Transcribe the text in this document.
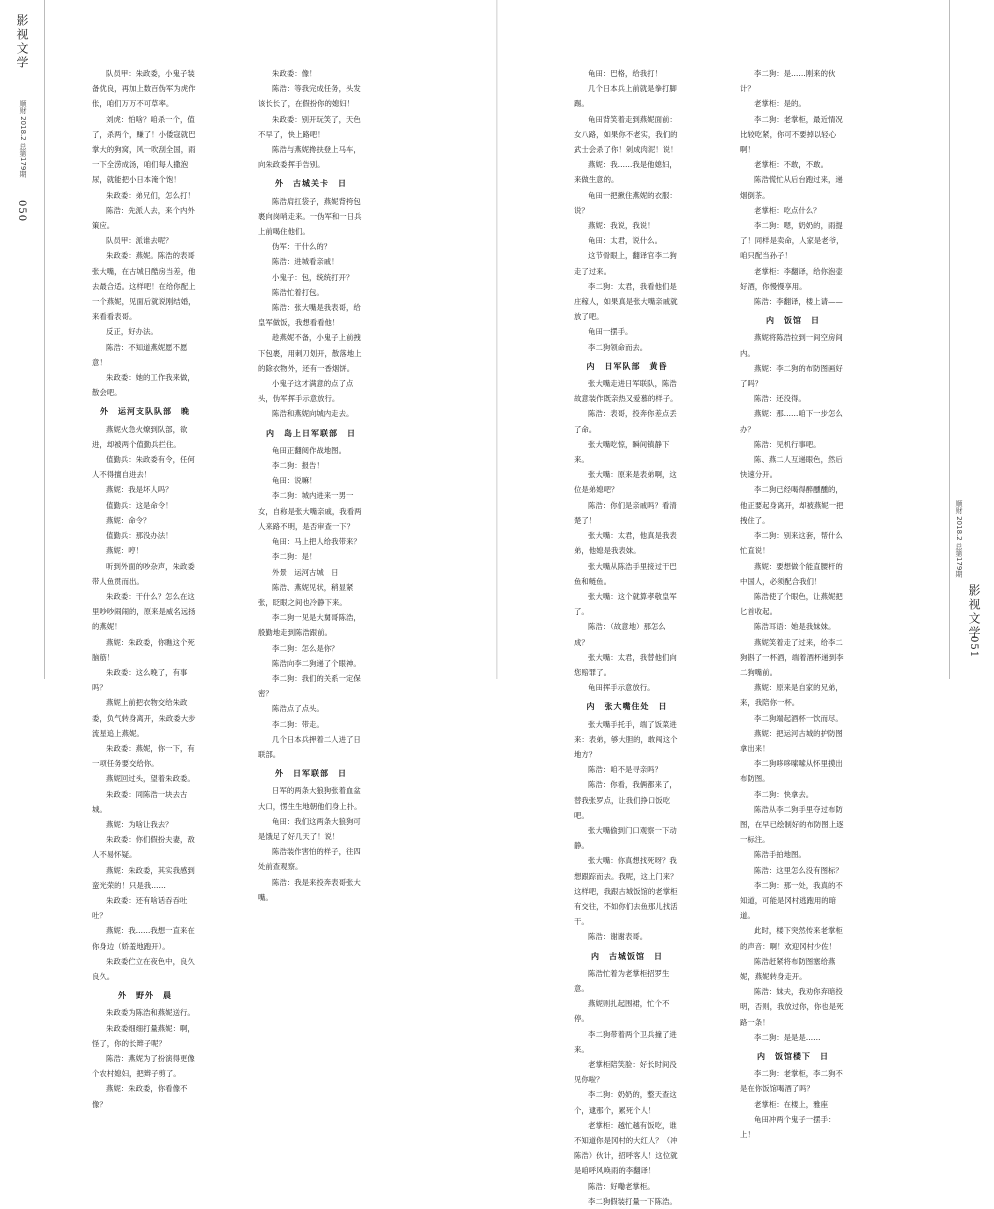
影视文学
顺财 2018.2 总第179期
050

队员甲：朱政委，小鬼子装备优良，再加上数百伪军为虎作伥，咱们万万不可草率。

刘虎：怕啥？咱杀一个，值了，杀两个，赚了！小倭寇就巴掌大的狗窝，风一吹刮全国，雨一下全涝成汤，咱们每人撒泡尿，就能把小日本淹个饱！

朱政委：弟兄们，怎么打！

陈浩：先派人去，来个内外策应。

队员甲：派谁去呢？

朱政委：燕妮。陈浩的表哥张大嘴，在古城日酷房当差，他去最合适。这样吧！在给你配上一个燕妮，见面后就说刚结婚，来看看表哥。

反正，好办法。

陈浩：不知道燕妮愿不愿意！

朱政委：她的工作我来做，散会吧。

外　运河支队队部　晚

燕妮火急火燎到队部，欲进，却被两个值勤兵拦住。

值勤兵：朱政委有令，任何人不得擅自进去！

燕妮：我是坏人吗？

值勤兵：这是命令！

燕妮：命令？

值勤兵：那没办法！

燕妮：哼！

听到外面的吵杂声，朱政委带人鱼贯而出。

朱政委：干什么？怎么在这里吵吵闹闹的，原来是威名远扬的燕妮！

燕妮：朱政委，你瞧这个死脑筋！

朱政委：这么晚了，有事吗？

燕妮上前把衣物交给朱政委，负气转身离开，朱政委大步流星追上燕妮。

朱政委：燕妮，你一下，有一项任务要交给你。

燕妮回过头，望着朱政委。

朱政委：同陈浩一块去古城。

燕妮：为啥让我去？

朱政委：你们假扮夫妻，敌人不易怀疑。

燕妮：朱政委，其实我感到蛮光荣的！只是我……

朱政委：还有啥话吞吞吐吐？

燕妮：我……我想一直来在你身边（娇羞地跑开）。

朱政委伫立在夜色中，良久良久。

外　野外　晨

朱政委为陈浩和燕妮送行。

朱政委细细打量燕妮：啊，怪了，你的长辫子呢？

陈浩：燕妮为了扮演得更像个农村媳妇，把辫子剪了。

燕妮：朱政委，你看像不像？

朱政委：像！

陈浩：等我完成任务，头发该长长了，在假扮你的媳妇！

朱政委：别开玩笑了，天色不早了，快上路吧！

陈浩与燕妮搀扶登上马车，向朱政委挥手告别。

外　古城关卡　日

陈浩肩扛袋子，燕妮背挎包裹向岗哨走来。一伪军和一日兵上前喝住他们。

伪军：干什么的？

陈浩：进城看亲戚！

小鬼子：包，统统打开？

陈浩忙着打包。

陈浩：张大嘴是我表哥，给皇军做饭，我想看看他！

趁燕妮不备，小鬼子上前拽下包裹，用刺刀划开，散落地上的除衣物外，还有一香烟饼。

小鬼子这才满意的点了点头，伪军挥手示意放行。

陈浩和燕妮向城内走去。

内　岛上日军联部　日

龟田正翻阅作战地图。

李二狗：报告！

龟田：说嘛！

李二狗：城内进来一男一女，自称是张大嘴亲戚，我看两人来路不明，是否审查一下？

龟田：马上把人给我带来？

李二狗：是！

外景　运河古城　日

陈浩、燕妮见状，稍显紧张，眨眼之间也冷静下来。

李二狗一见是大舅哥陈浩，殷勤地走到陈浩跟前。

李二狗：怎么是你？

陈浩向李二狗递了个眼神。

李二狗：我们的关系一定保密？

陈浩点了点头。

李二狗：带走。

几个日本兵押着二人进了日联部。

外　日军联部　日

日军的两条大狼狗张着血盆大口，愣生生地朝他们身上扑。

龟田：我们这两条大狼狗可是饿足了好几天了！说！

陈浩装作害怕的样子，往四处前查观察。

陈浩：我是来投奔表哥张大嘴。

龟田：巴格，给我打！

几个日本兵上前就是拳打脚踢。

龟田背笑着走到燕妮面前：女八路，如果你不老实，我们的武士会杀了你！剁成肉泥！说！

燕妮：我……我是他媳妇，来做生意的。

龟田一把揪住燕妮的衣服：说？

燕妮：我说，我说！

龟田：太君，说什么。

这节骨眼上，翻译官李二狗走了过来。

李二狗：太君，我看他们是庄稼人，如果真是张大嘴亲戚就放了吧。

龟田一摆手。

李二狗领命而去。

内　日军队部　黄昏

张大嘴走进日军联队，陈浩故意装作既亲热又爱慕的样子。

陈浩：表哥，投奔你差点丢了命。

张大嘴吃惊，瞬间镇静下来。

张大嘴：原来是表弟啊，这位是弟媳吧？

陈浩：你们是亲戚吗？看清楚了！

张大嘴：太君，他真是我表弟，他媳是我表妹。

张大嘴从陈浩手里接过干巴鱼和鲢鱼。

张大嘴：这个就算孝敬皇军了。

陈浩：（故意地）那怎么成？

张大嘴：太君，我替他们向您赔罪了。

龟田挥手示意放行。

内　张大嘴住处　日

张大嘴手托手，端了饭菜进来：表弟，够大胆的，敢闯这个地方？

陈浩：咱不是寻亲吗？

陈浩：你看，我俩都来了，替我张罗点，让我们挣口饭吃吧。

张大嘴偷到门口观察一下动静。

张大嘴：你真想找死呀？我想跟踪而去。我呢，这上门来？这样吧，我跟古城饭馆的老掌柜有交往，不如你们去鱼那儿找活干。

陈浩：谢谢表哥。

内　古城饭馆　日

陈浩忙着为老掌柜招罗生意。

燕妮则扎起围裙，忙个不停。

李二狗带着两个卫兵撞了进来。

老掌柜陪笑脸：好长时间没见你啦？

李二狗：奶奶的，整天查这个，逮那个，累死个人！

老掌柜：越忙越有饭吃，谁不知道你是冈村的大红人？（冲陈浩）伙计，招呼客人！这位就是咱呼风唤雨的李翻译！

陈浩：好嘞老掌柜。

李二狗假装打量一下陈浩。

李二狗：是……刚来的伙计？

老掌柜：是的。

李二狗：老掌柜，最近情况比较吃紧，你可不要掉以轻心啊！

老掌柜：不敢，不敢。

陈浩慌忙从后台跑过来，递烟倒茶。

老掌柜：吃点什么？

李二狗：嗯，奶奶的，雨提了！同样是卖命，人家是老爷，咱只配当孙子！

老掌柜：李翻译，给你泡壶好酒，你慢慢享用。

陈浩：李翻译，楼上请——

内　饭馆　日

燕妮将陈浩拉到一间空房间内。

燕妮：李二狗的布防图画好了吗？

陈浩：还没得。

燕妮：那……咱下一步怎么办？

陈浩：见机行事吧。

陈、燕二人互递眼色，然后快速分开。

李二狗已经喝得醉醺醺的，他正要起身离开，却被燕妮一把拽住了。

李二狗：别来这套，帮什么忙直说！

燕妮：要想做个能直腰杆的中国人，必须配合我们！

陈浩使了个眼色，让燕妮把匕首收起。

陈浩耳语：她是我妹妹。

燕妮笑着走了过来，给李二狗斟了一杯酒，端着酒杯递到李二狗嘴前。

燕妮：原来是自家的兄弟，来，我陪你一杯。

李二狗端起酒杯一饮而尽。

燕妮：把运河古城的护防图拿出来！

李二狗哆哆嗦嗦从怀里摸出布防图。

李二狗：快拿去。

陈浩从李二狗手里夺过布防图，在早已绘制好的布防图上逐一标注。

陈浩手拍地图。

陈浩：这里怎么没有图标？

李二狗：那一处，我真的不知道，可能是冈村逃跑用的暗道。

此时，楼下突然传来老掌柜的声音：啊！欢迎冈村少佐！

陈浩赶紧将布防图塞给燕妮，燕妮转身走开。

陈浩：妹夫，我劝你弃暗投明，否则，我放过你，你也是死路一条！

李二狗：是是是……

内　饭馆楼下　日

李二狗：老掌柜，李二狗不是在你饭馆喝酒了吗？

老掌柜：在楼上，雅座

龟田冲两个鬼子一摆手：上！

顺财 2018.2 总第179期
影视文学
051
